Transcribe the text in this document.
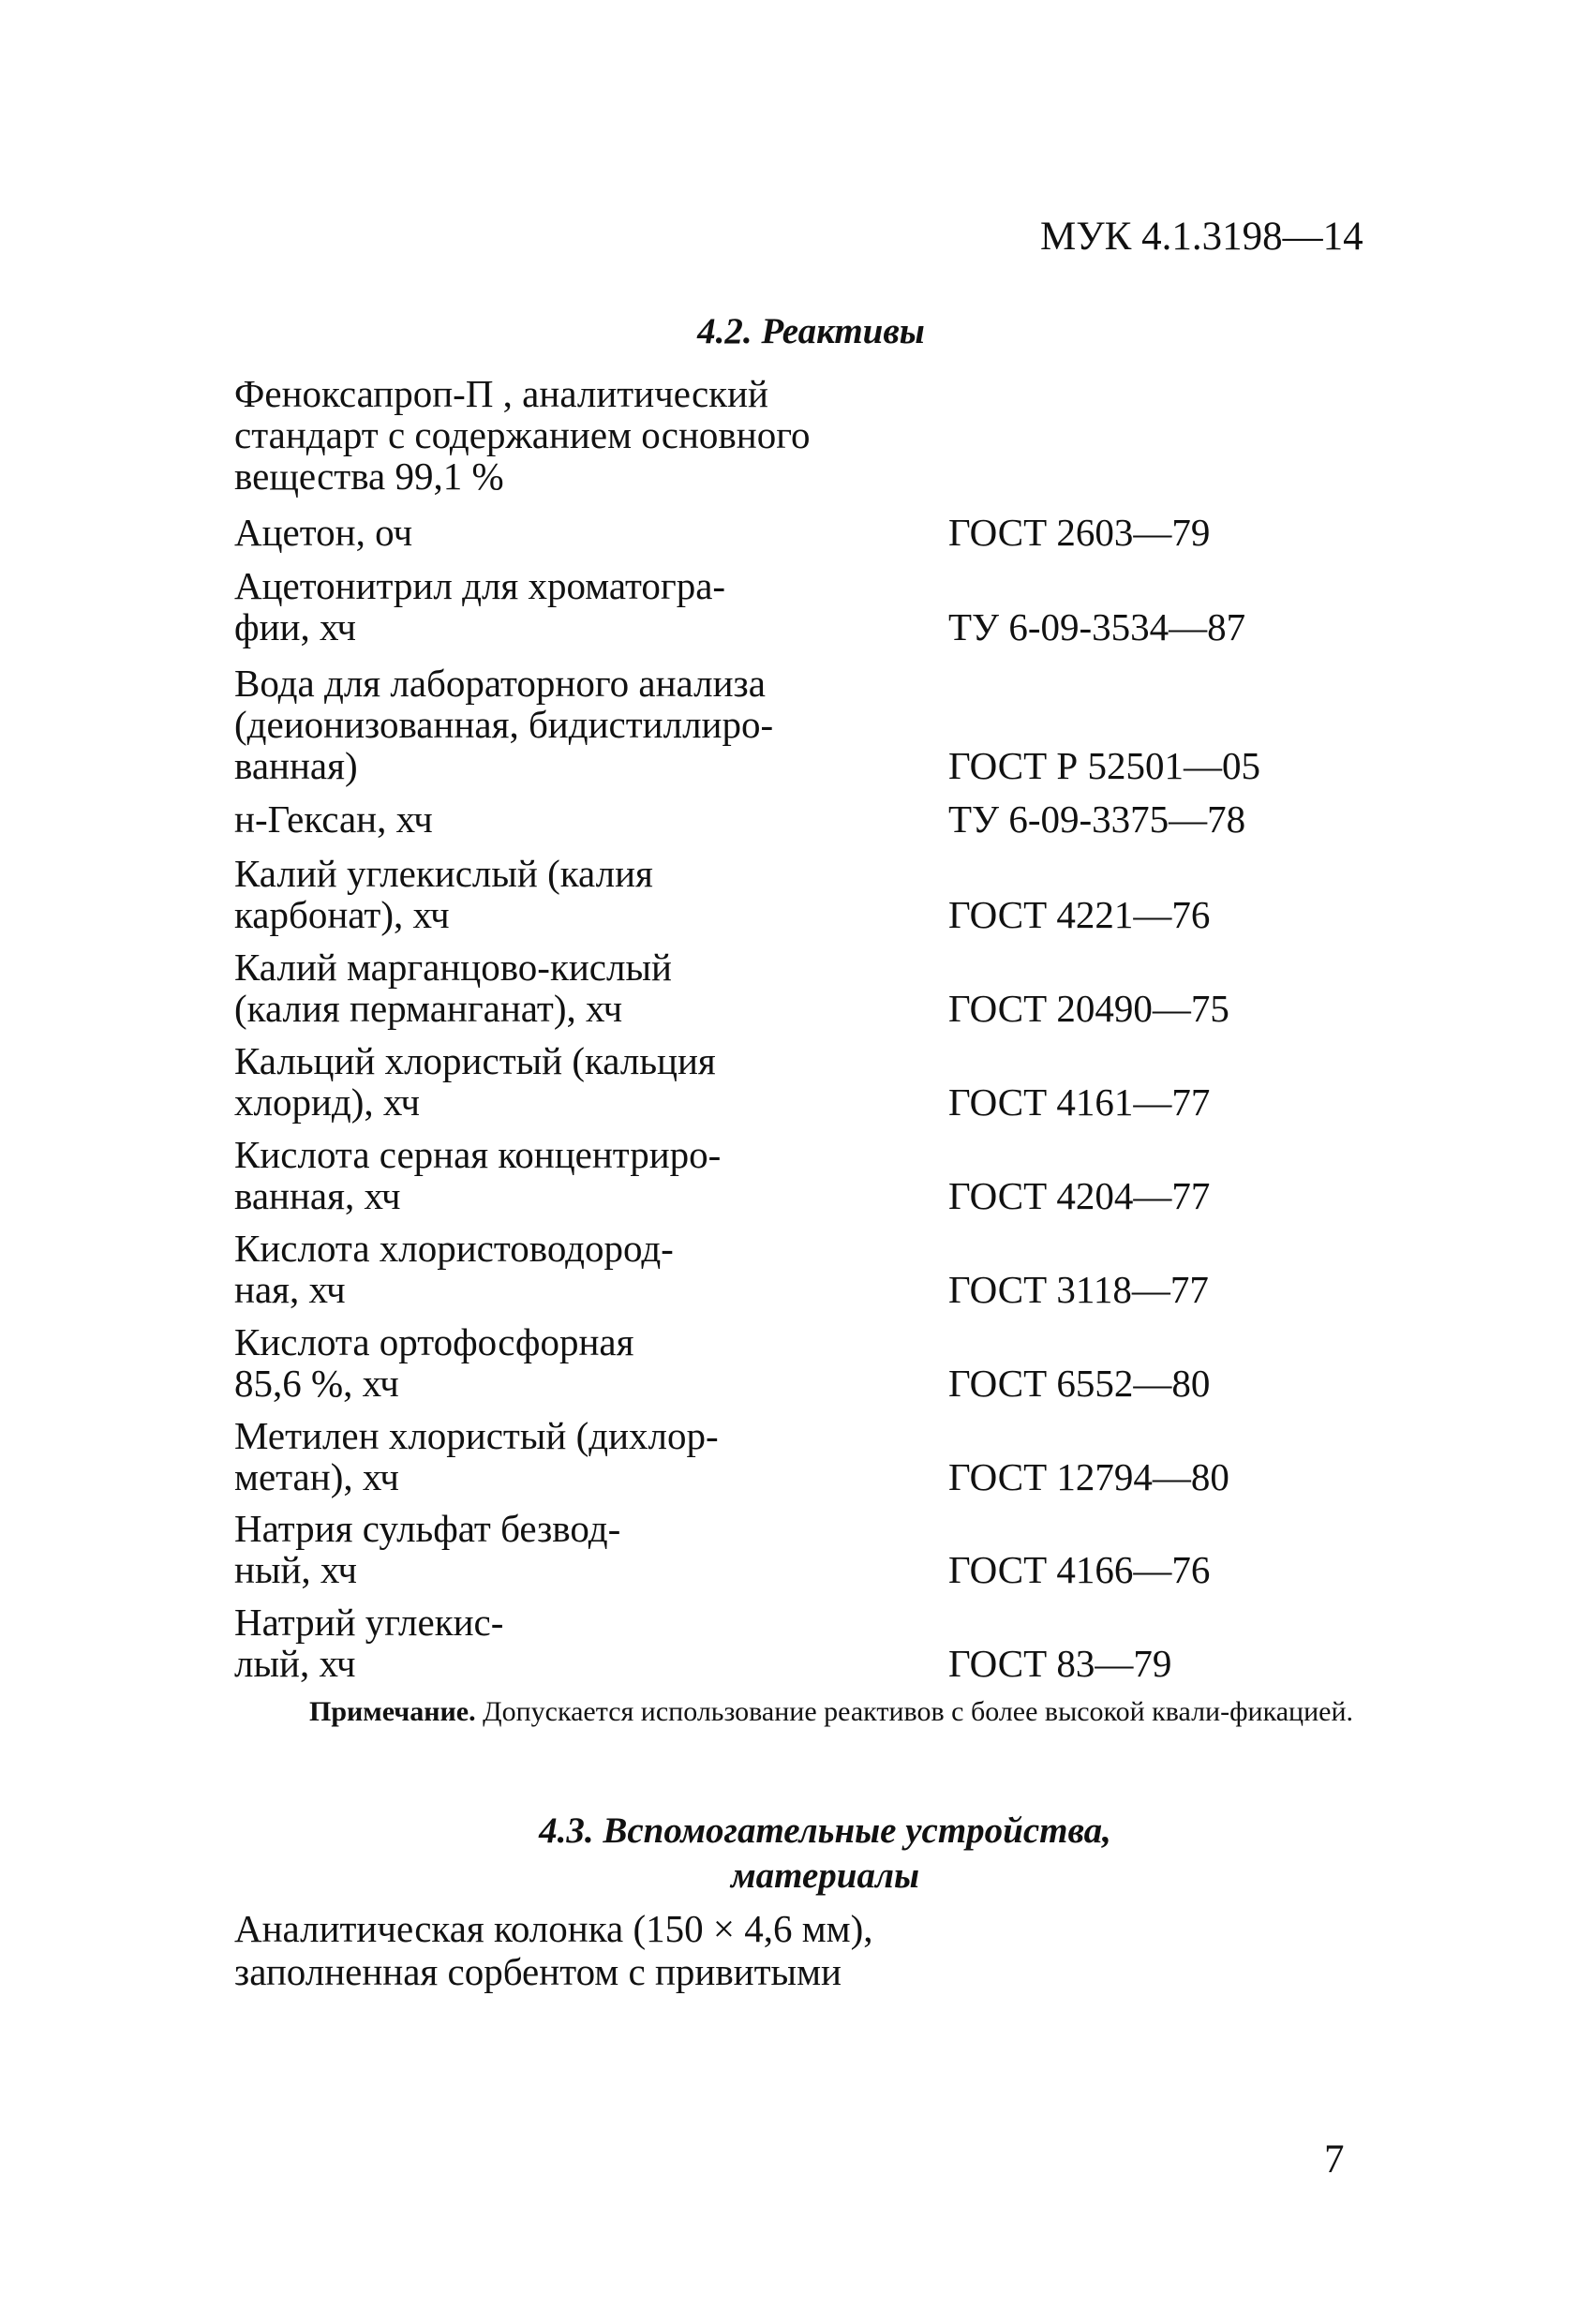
МУК 4.1.3198—14
4.2. Реактивы
Феноксапроп-П , аналитический
стандарт с содержанием основного
вещества 99,1 %
Ацетон, оч	ГОСТ 2603—79
Ацетонитрил для хроматогра-
фии, хч	ТУ 6-09-3534—87
Вода для лабораторного анализа
(деионизованная, бидистиллиро-
ванная)	ГОСТ Р 52501—05
н-Гексан, хч	ТУ 6-09-3375—78
Калий углекислый (калия
карбонат), хч	ГОСТ 4221—76
Калий марганцово-кислый
(калия перманганат), хч	ГОСТ 20490—75
Кальций хлористый (кальция
хлорид), хч	ГОСТ 4161—77
Кислота серная концентриро-
ванная, хч	ГОСТ 4204—77
Кислота хлористоводород-
ная, хч	ГОСТ 3118—77
Кислота ортофосфорная
85,6 %, хч	ГОСТ 6552—80
Метилен хлористый (дихлор-
метан), хч	ГОСТ 12794—80
Натрия сульфат безвод-
ный, хч	ГОСТ 4166—76
Натрий углекис-
лый, хч	ГОСТ 83—79
Примечание. Допускается использование реактивов с более высокой квали-фикацией.
4.3. Вспомогательные устройства,
материалы
Аналитическая колонка (150 × 4,6 мм),
заполненная сорбентом с привитыми
7
